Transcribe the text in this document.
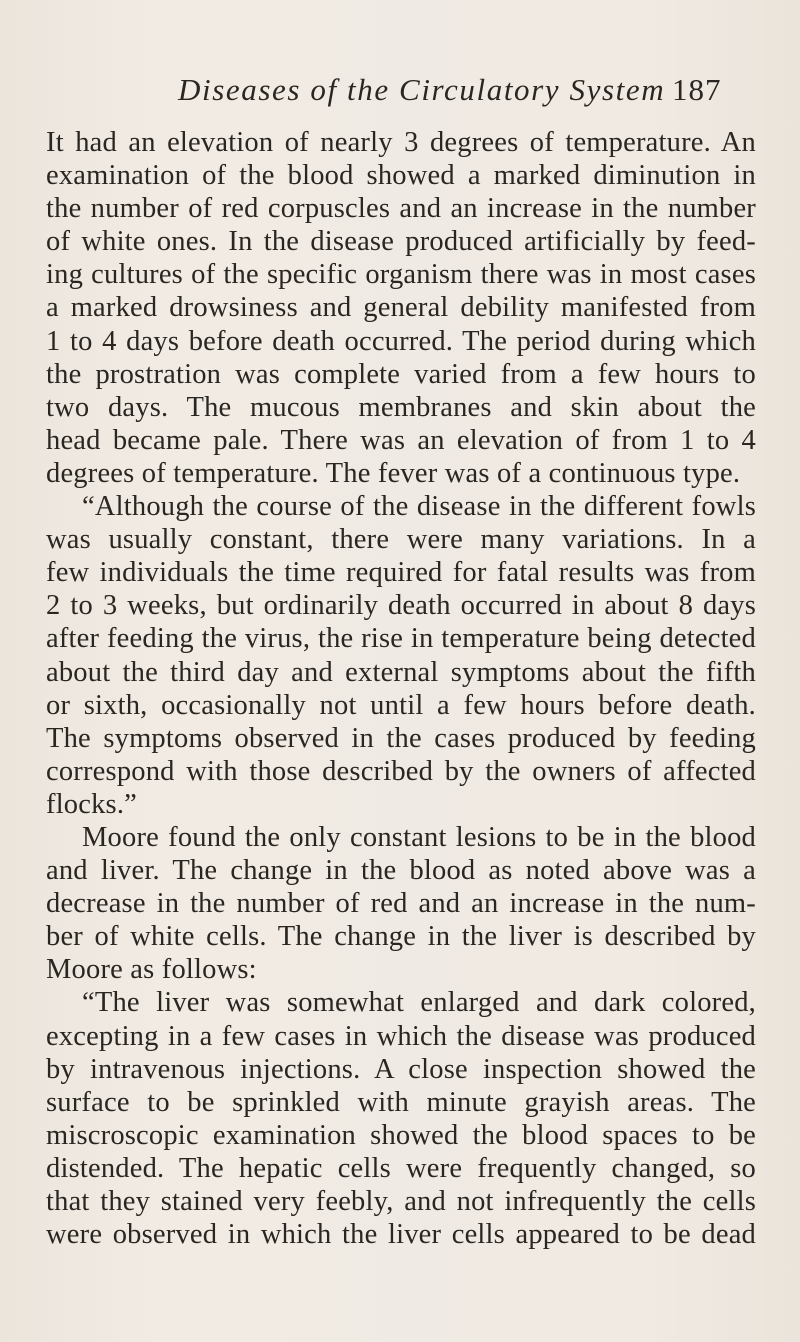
Diseases of the Circulatory System 187
It had an elevation of nearly 3 degrees of temperature. An
examination of the blood showed a marked diminution in
the number of red corpuscles and an increase in the number
of white ones. In the disease produced artificially by feed-
ing cultures of the specific organism there was in most cases
a marked drowsiness and general debility manifested from
1 to 4 days before death occurred. The period during which
the prostration was complete varied from a few hours to
two days. The mucous membranes and skin about the
head became pale. There was an elevation of from 1 to 4
degrees of temperature. The fever was of a continuous type.
“Although the course of the disease in the different fowls
was usually constant, there were many variations. In a
few individuals the time required for fatal results was from
2 to 3 weeks, but ordinarily death occurred in about 8 days
after feeding the virus, the rise in temperature being detected
about the third day and external symptoms about the fifth
or sixth, occasionally not until a few hours before death.
The symptoms observed in the cases produced by feeding
correspond with those described by the owners of affected
flocks.”
Moore found the only constant lesions to be in the blood
and liver. The change in the blood as noted above was a
decrease in the number of red and an increase in the num-
ber of white cells. The change in the liver is described by
Moore as follows:
“The liver was somewhat enlarged and dark colored,
excepting in a few cases in which the disease was produced
by intravenous injections. A close inspection showed the
surface to be sprinkled with minute grayish areas. The
miscroscopic examination showed the blood spaces to be
distended. The hepatic cells were frequently changed, so
that they stained very feebly, and not infrequently the cells
were observed in which the liver cells appeared to be dead
